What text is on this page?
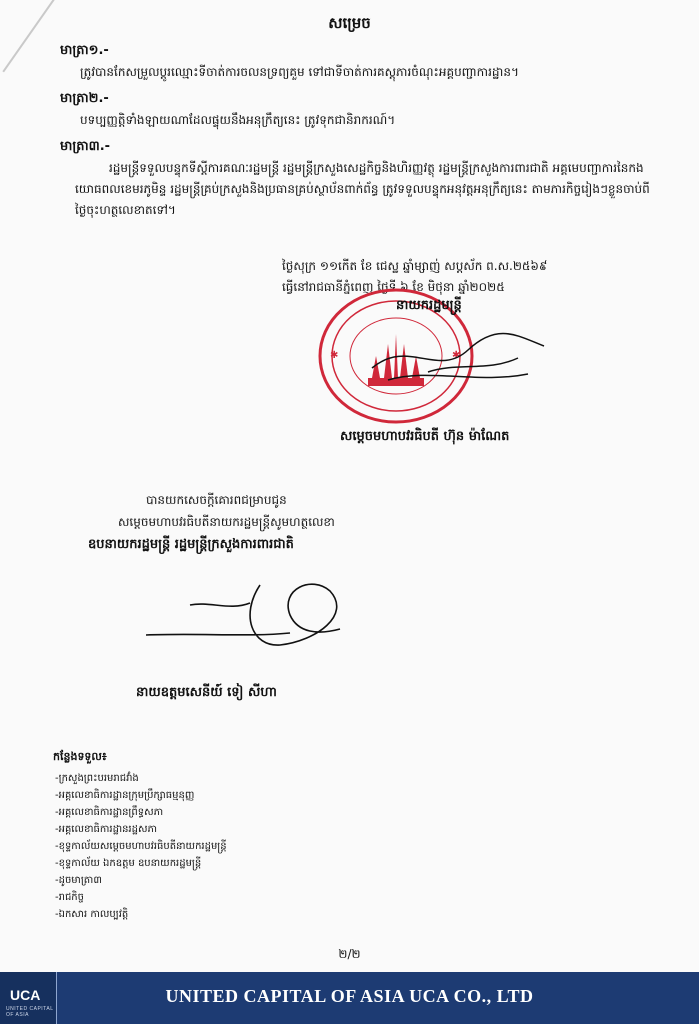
សម្រេច
មាត្រា១.-
ត្រូវបានកែសម្រួលប្តូរឈ្មោះទីចាត់ការចលនទ្រព្យគួម ទៅជាទីចាត់ការគស្តុភារចំណុះអគ្គបញ្ជាការដ្ឋាន។
មាត្រា២.-
បទប្បញ្ញត្តិទាំងឡាយណាដែលផ្ទុយនឹងអនុក្រឹត្យនេះ ត្រូវទុកជានិរាករណ៍។
មាត្រា៣.-
រដ្ឋមន្ត្រីទទួលបន្ទុកទីស្តីការគណៈរដ្ឋមន្ត្រី រដ្ឋមន្ត្រីក្រសួងសេដ្ឋកិច្ចនិងហិរញ្ញវត្ថុ រដ្ឋមន្ត្រីក្រសួងការពារជាតិ អគ្គមេបញ្ជាការនៃកងយោធពលខេមរភូមិន្ទ រដ្ឋមន្ត្រីគ្រប់ក្រសួងនិងប្រធានគ្រប់ស្ថាប័នពាក់ព័ន្ធ ត្រូវទទួលបន្ទុកអនុវត្តអនុក្រឹត្យនេះ តាមភារកិច្ចរៀងៗខ្លួនចាប់ពីថ្ងៃចុះហត្ថលេខាតទៅ។
ថ្ងៃសុក្រ ១១កើត ខែ ជេស្ឋ ឆ្នាំម្សាញ់ សប្តស័ក ព.ស.២៥៦៩
ធ្វើនៅរាជធានីភ្នំពេញ ថ្ងៃទី ៦ ខែ មិថុនា ឆ្នាំ២០២៥
✱	✱
នាយករដ្ឋមន្ត្រី
សម្តេចមហាបវរធិបតី ហ៊ុន ម៉ាណែត
បានយកសេចក្តីគោរពជម្រាបជូន
សម្តេចមហាបវរធិបតីនាយករដ្ឋមន្ត្រីសូមហត្ថលេខា
ឧបនាយករដ្ឋមន្ត្រី រដ្ឋមន្ត្រីក្រសួងការពារជាតិ
នាយឧត្តមសេនីយ៍ ទៀ សីហា
កន្លែងទទួល៖
-ក្រសួងព្រះបរមរាជវាំង
-អគ្គលេខាធិការដ្ឋានក្រុមប្រឹក្សាធម្មនុញ្ញ
-អគ្គលេខាធិការដ្ឋានព្រឹទ្ធសភា
-អគ្គលេខាធិការដ្ឋានរដ្ឋសភា
-ខុទ្ទកាល័យសម្តេចមហាបវរធិបតីនាយករដ្ឋមន្ត្រី
-ខុទ្ទកាល័យ ឯកឧត្តម ឧបនាយករដ្ឋមន្ត្រី
-ដូចមាត្រា៣
-រាជកិច្ច
-ឯកសារ កាលប្បវត្តិ
២/២
UCA
UNITED CAPITAL OF ASIA
UNITED CAPITAL OF ASIA UCA CO., LTD
